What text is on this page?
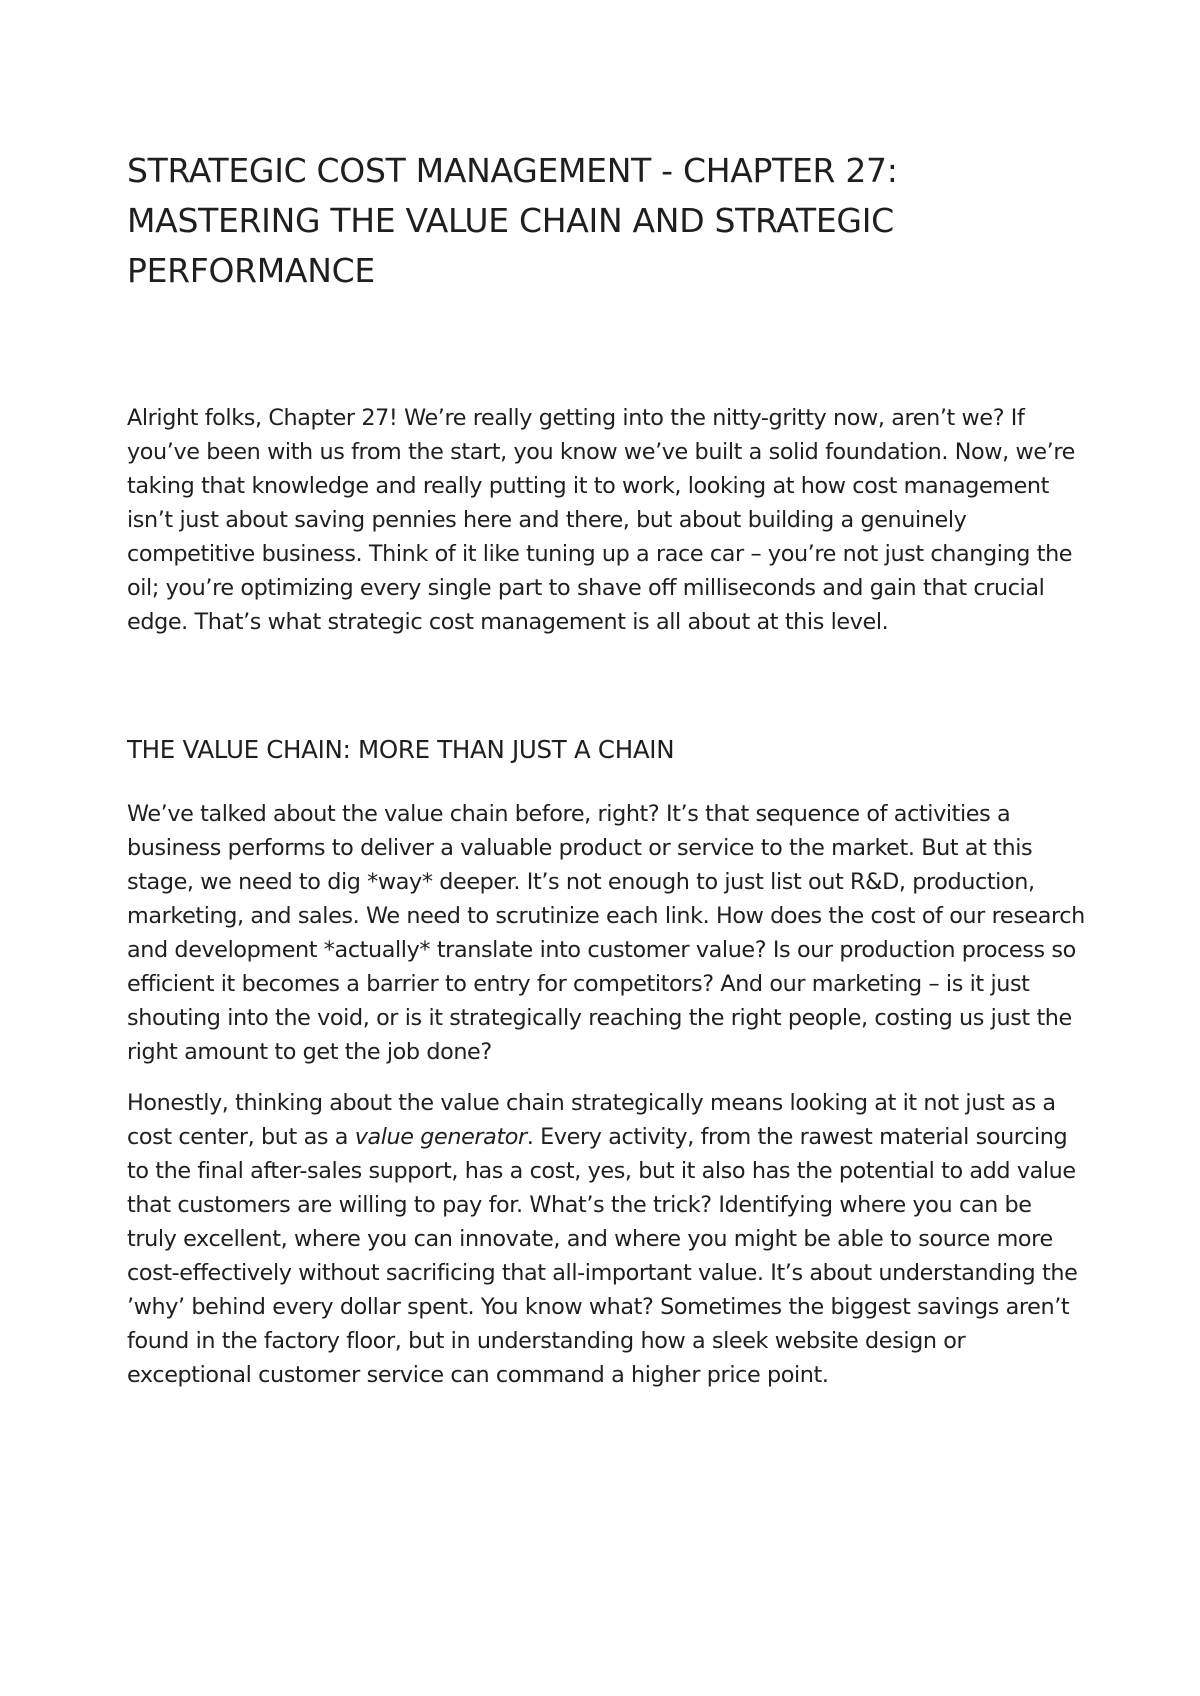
STRATEGIC COST MANAGEMENT - CHAPTER 27: MASTERING THE VALUE CHAIN AND STRATEGIC PERFORMANCE

Alright folks, Chapter 27! We’re really getting into the nitty-gritty now, aren’t we? If you’ve been with us from the start, you know we’ve built a solid foundation. Now, we’re taking that knowledge and really putting it to work, looking at how cost management isn’t just about saving pennies here and there, but about building a genuinely competitive business. Think of it like tuning up a race car – you’re not just changing the oil; you’re optimizing every single part to shave off milliseconds and gain that crucial edge. That’s what strategic cost management is all about at this level.

THE VALUE CHAIN: MORE THAN JUST A CHAIN

We’ve talked about the value chain before, right? It’s that sequence of activities a business performs to deliver a valuable product or service to the market. But at this stage, we need to dig *way* deeper. It’s not enough to just list out R&D, production, marketing, and sales. We need to scrutinize each link. How does the cost of our research and development *actually* translate into customer value? Is our production process so efficient it becomes a barrier to entry for competitors? And our marketing – is it just shouting into the void, or is it strategically reaching the right people, costing us just the right amount to get the job done?

Honestly, thinking about the value chain strategically means looking at it not just as a cost center, but as a value generator. Every activity, from the rawest material sourcing to the final after-sales support, has a cost, yes, but it also has the potential to add value that customers are willing to pay for. What’s the trick? Identifying where you can be truly excellent, where you can innovate, and where you might be able to source more cost-effectively without sacrificing that all-important value. It’s about understanding the ’why’ behind every dollar spent. You know what? Sometimes the biggest savings aren’t found in the factory floor, but in understanding how a sleek website design or exceptional customer service can command a higher price point.
